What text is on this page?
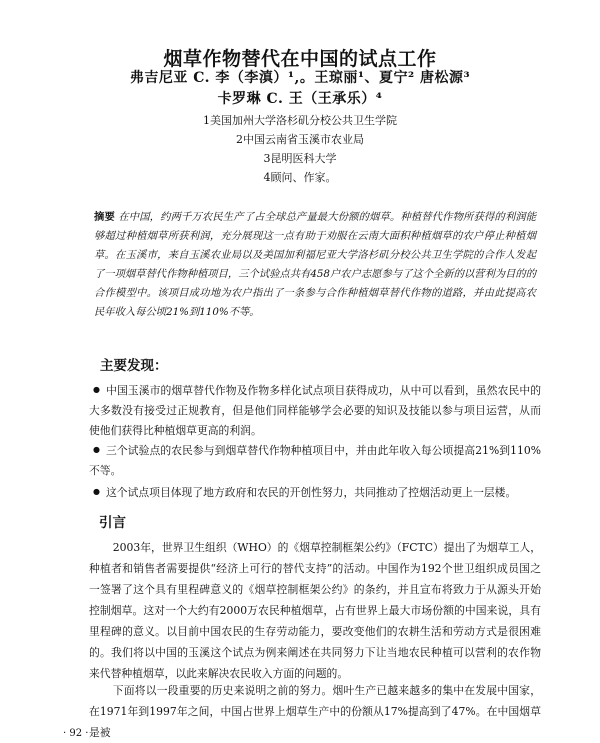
烟草作物替代在中国的试点工作
弗吉尼亚 C. 李（李滇）¹,。王琼丽¹、夏宁² 唐松源³
卡罗琳 C. 王（王承乐）⁴
1美国加州大学洛杉矶分校公共卫生学院
2中国云南省玉溪市农业局
3昆明医科大学
4顾问、作家。
摘要 在中国，约两千万农民生产了占全球总产量最大份额的烟草。种植替代作物所获得的利润能够超过种植烟草所获利润，充分展现这一点有助于劝服在云南大面积种植烟草的农户停止种植烟草。在玉溪市，来自玉溪农业局以及美国加利福尼亚大学洛杉矶分校公共卫生学院的合作人发起了一项烟草替代作物种植项目，三个试验点共有458户农户志愿参与了这个全新的以营利为目的的合作模型中。该项目成功地为农户指出了一条参与合作种植烟草替代作物的道路，并由此提高农民年收入每公顷21%到110%不等。
主要发现：
● 中国玉溪市的烟草替代作物及作物多样化试点项目获得成功，从中可以看到，虽然农民中的大多数没有接受过正规教育，但是他们同样能够学会必要的知识及技能以参与项目运营，从而使他们获得比种植烟草更高的利润。
● 三个试验点的农民参与到烟草替代作物种植项目中，并由此年收入每公顷提高21%到110%不等。
● 这个试点项目体现了地方政府和农民的开创性努力，共同推动了控烟活动更上一层楼。
引言
2003年，世界卫生组织（WHO）的《烟草控制框架公约》（FCTC）提出了为烟草工人，种植者和销售者需要提供“经济上可行的替代支持”的活动。中国作为192个世卫组织成员国之一签署了这个具有里程碑意义的《烟草控制框架公约》的条约，并且宣布将致力于从源头开始控制烟草。这对一个大约有2000万农民种植烟草，占有世界上最大市场份额的中国来说，具有里程碑的意义。以目前中国农民的生存劳动能力，要改变他们的农耕生活和劳动方式是很困难的。我们将以中国的玉溪这个试点为例来阐述在共同努力下让当地农民种植可以营利的农作物来代替种植烟草，以此来解决农民收入方面的问题的。
下面将以一段重要的历史来说明之前的努力。烟叶生产已越来越多的集中在发展中国家，在1971年到1997年之间，中国占世界上烟草生产中的份额从17%提高到了47%。在中国烟草是被
· 92 ·
